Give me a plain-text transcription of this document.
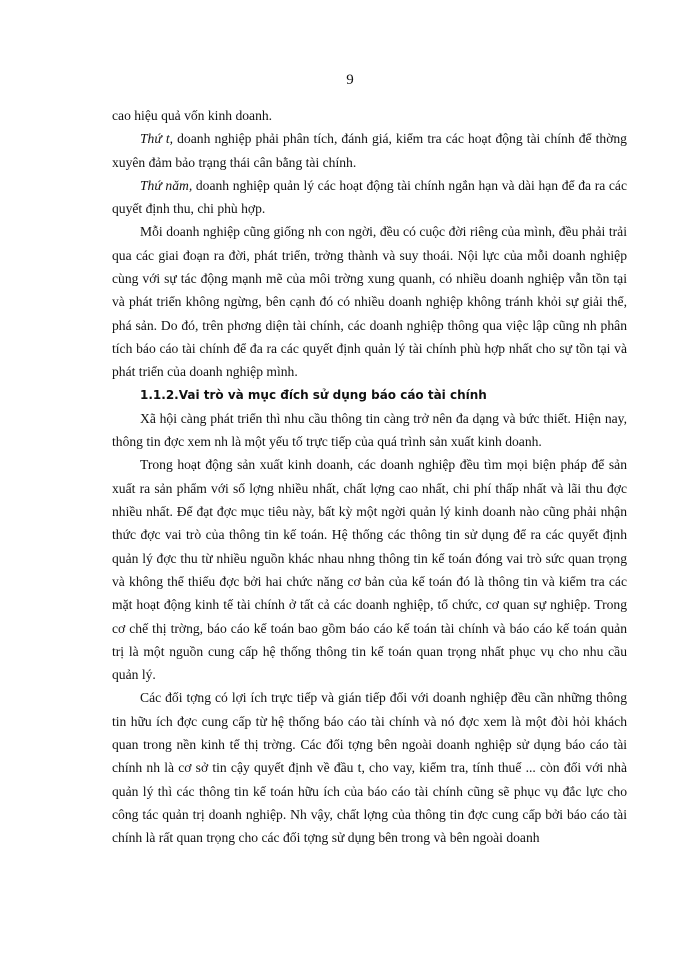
9

cao hiệu quả vốn kinh doanh.

Thứ t, doanh nghiệp phải phân tích, đánh giá, kiểm tra các hoạt động tài chính để thờng xuyên đảm bảo trạng thái cân bằng tài chính.

Thứ năm, doanh nghiệp quản lý các hoạt động tài chính ngắn hạn và dài hạn để đa ra các quyết định thu, chi phù hợp.

Mỗi doanh nghiệp cũng giống nh con ngời, đều có cuộc đời riêng của mình, đều phải trải qua các giai đoạn ra đời, phát triển, trởng thành và suy thoái. Nội lực của mỗi doanh nghiệp cùng với sự tác động mạnh mẽ của môi trờng xung quanh, có nhiều doanh nghiệp vẫn tồn tại và phát triển không ngừng, bên cạnh đó có nhiều doanh nghiệp không tránh khỏi sự giải thể, phá sản. Do đó, trên phơng diện tài chính, các doanh nghiệp thông qua việc lập cũng nh phân tích báo cáo tài chính để đa ra các quyết định quản lý tài chính phù hợp nhất cho sự tồn tại và phát triển của doanh nghiệp mình.

1.1.2.Vai trò và mục đích sử dụng báo cáo tài chính

Xã hội càng phát triển thì nhu cầu thông tin càng trở nên đa dạng và bức thiết. Hiện nay, thông tin đợc xem nh là một yếu tố trực tiếp của quá trình sản xuất kinh doanh.

Trong hoạt động sản xuất kinh doanh, các doanh nghiệp đều tìm mọi biện pháp để sản xuất ra sản phẩm với số lợng nhiều nhất, chất lợng cao nhất, chi phí thấp nhất và lãi thu đợc nhiều nhất. Để đạt đợc mục tiêu này, bất kỳ một ngời quản lý kinh doanh nào cũng phải nhận thức đợc vai trò của thông tin kế toán. Hệ thống các thông tin sử dụng để ra các quyết định quản lý đợc thu từ nhiều nguồn khác nhau nhng thông tin kế toán đóng vai trò sức quan trọng và không thể thiếu đợc bởi hai chức năng cơ bản của kế toán đó là thông tin và kiểm tra các mặt hoạt động kinh tế tài chính ở tất cả các doanh nghiệp, tổ chức, cơ quan sự nghiệp. Trong cơ chế thị trờng, báo cáo kế toán bao gồm báo cáo kế toán tài chính và báo cáo kế toán quản trị là một nguồn cung cấp hệ thống thông tin kế toán quan trọng nhất phục vụ cho nhu cầu quản lý.

Các đối tợng có lợi ích trực tiếp và gián tiếp đối với doanh nghiệp đều cần những thông tin hữu ích đợc cung cấp từ hệ thống báo cáo tài chính và nó đợc xem là một đòi hỏi khách quan trong nền kinh tế thị trờng. Các đối tợng bên ngoài doanh nghiệp sử dụng báo cáo tài chính nh là cơ sở tin cậy quyết định về đầu t, cho vay, kiểm tra, tính thuế ... còn đối với nhà quản lý thì các thông tin kế toán hữu ích của báo cáo tài chính cũng sẽ phục vụ đắc lực cho công tác quản trị doanh nghiệp. Nh vậy, chất lợng của thông tin đợc cung cấp bởi báo cáo tài chính là rất quan trọng cho các đối tợng sử dụng bên trong và bên ngoài doanh
